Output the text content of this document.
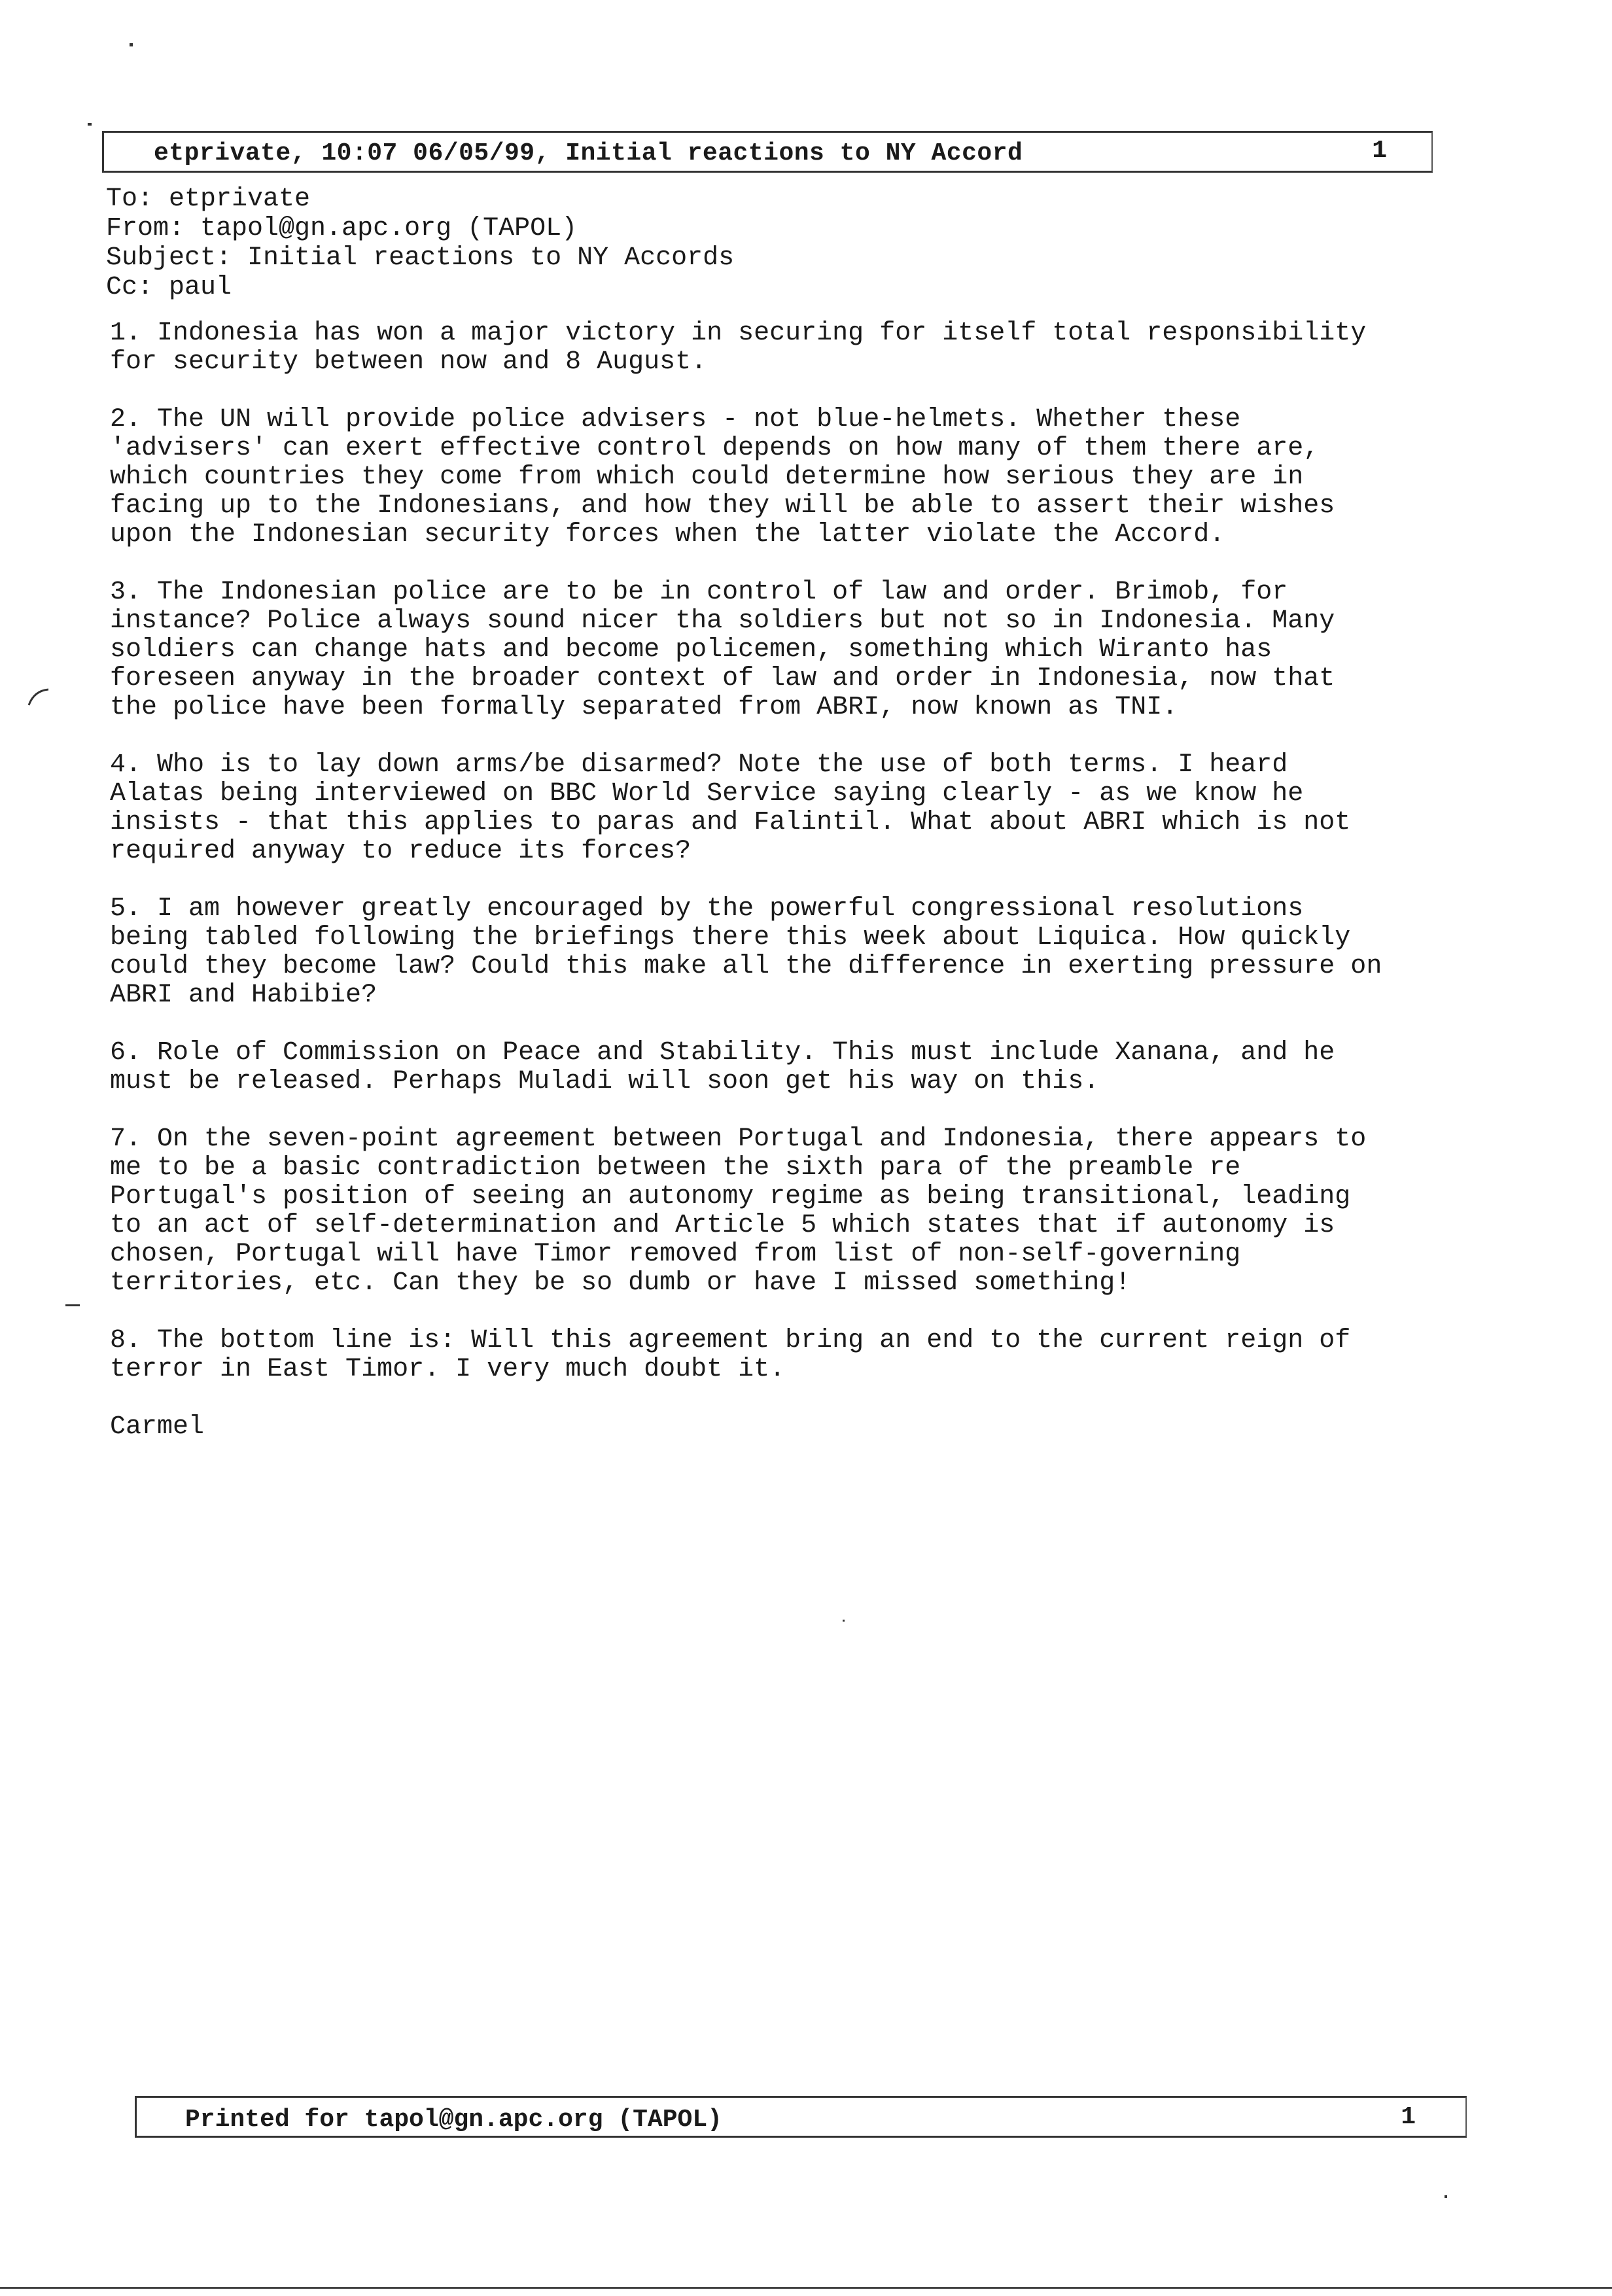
etprivate, 10:07 06/05/99, Initial reactions to NY Accord	1
To: etprivate
From: tapol@gn.apc.org (TAPOL)
Subject: Initial reactions to NY Accords
Cc: paul
1. Indonesia has won a major victory in securing for itself total responsibility
for security between now and 8 August.
2. The UN will provide police advisers - not blue-helmets. Whether these
'advisers' can exert effective control depends on how many of them there are,
which countries they come from which could determine how serious they are in
facing up to the Indonesians, and how they will be able to assert their wishes
upon the Indonesian security forces when the latter violate the Accord.
3. The Indonesian police are to be in control of law and order. Brimob, for
instance? Police always sound nicer tha soldiers but not so in Indonesia. Many
soldiers can change hats and become policemen, something which Wiranto has
foreseen anyway in the broader context of law and order in Indonesia, now that
the police have been formally separated from ABRI, now known as TNI.
4. Who is to lay down arms/be disarmed? Note the use of both terms. I heard
Alatas being interviewed on BBC World Service saying clearly - as we know he
insists - that this applies to paras and Falintil. What about ABRI which is not
required anyway to reduce its forces?
5. I am however greatly encouraged by the powerful congressional resolutions
being tabled following the briefings there this week about Liquica. How quickly
could they become law? Could this make all the difference in exerting pressure on
ABRI and Habibie?
6. Role of Commission on Peace and Stability. This must include Xanana, and he
must be released. Perhaps Muladi will soon get his way on this.
7. On the seven-point agreement between Portugal and Indonesia, there appears to
me to be a basic contradiction between the sixth para of the preamble re
Portugal's position of seeing an autonomy regime as being transitional, leading
to an act of self-determination and Article 5 which states that if autonomy is
chosen, Portugal will have Timor removed from list of non-self-governing
territories, etc. Can they be so dumb or have I missed something!
8. The bottom line is: Will this agreement bring an end to the current reign of
terror in East Timor. I very much doubt it.
Carmel
Printed for tapol@gn.apc.org (TAPOL)	1
